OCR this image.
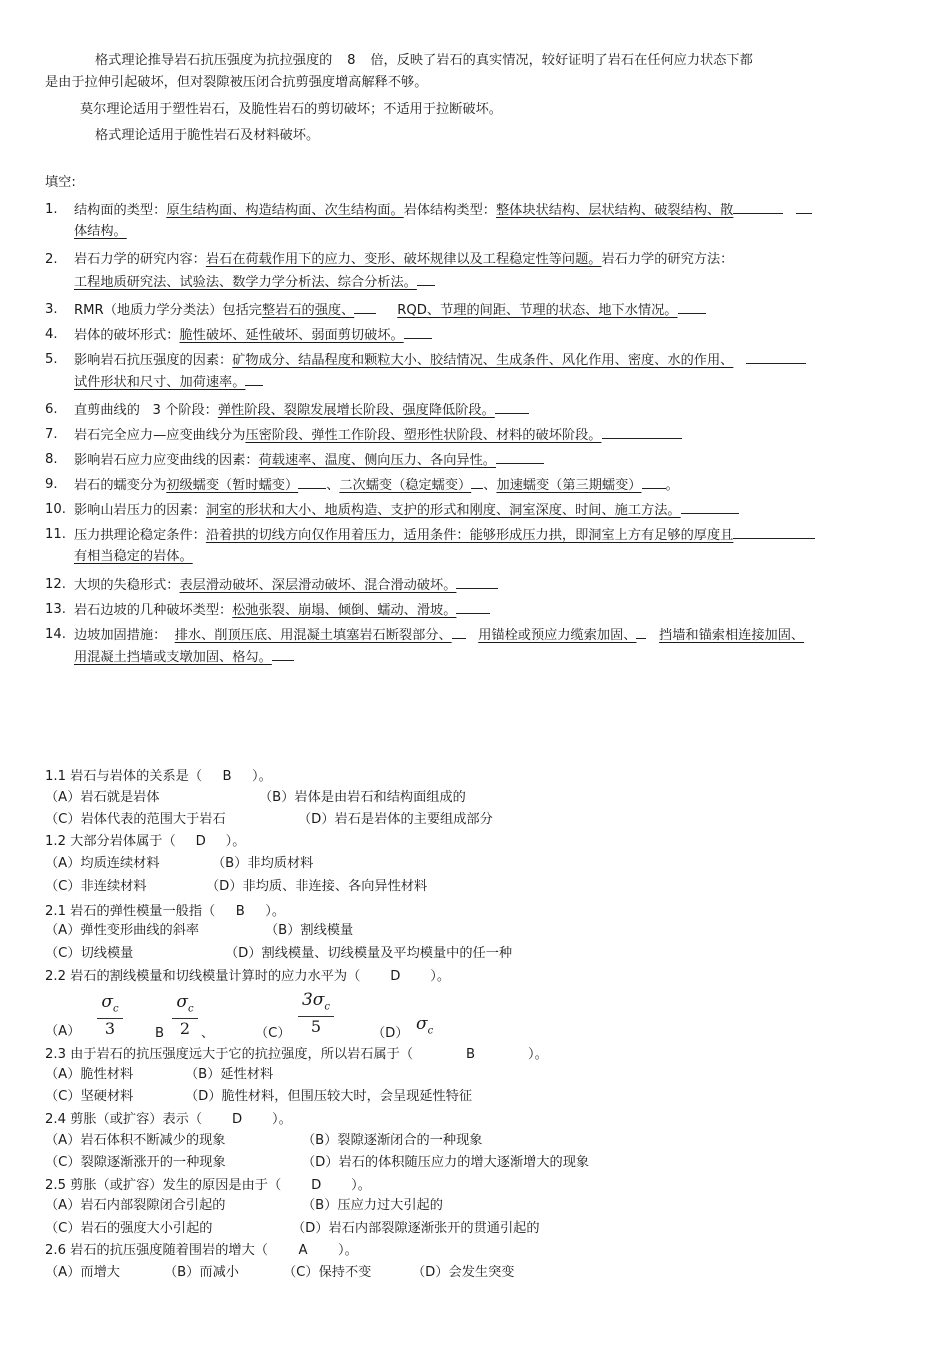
格式理论推导岩石抗压强度为抗拉强度的 8 倍，反映了岩石的真实情况，较好证明了岩石在任何应力状态下都
是由于拉伸引起破坏，但对裂隙被压闭合抗剪强度增高解释不够。
莫尔理论适用于塑性岩石，及脆性岩石的剪切破坏；不适用于拉断破坏。
格式理论适用于脆性岩石及材料破坏。
填空:
1. 结构面的类型：原生结构面、构造结构面、次生结构面。岩体结构类型：整体块状结构、层状结构、破裂结构、散
体结构。
2. 岩石力学的研究内容：岩石在荷载作用下的应力、变形、破坏规律以及工程稳定性等问题。岩石力学的研究方法：
工程地质研究法、试验法、数学力学分析法、综合分析法。
3. RMR（地质力学分类法）包括完整岩石的强度、	RQD、节理的间距、节理的状态、地下水情况。
4. 岩体的破坏形式：脆性破坏、延性破坏、弱面剪切破坏。
5. 影响岩石抗压强度的因素：矿物成分、结晶程度和颗粒大小、胶结情况、生成条件、风化作用、密度、水的作用、
试件形状和尺寸、加荷速率。
6. 直剪曲线的 3 个阶段：弹性阶段、裂隙发展增长阶段、强度降低阶段。
7. 岩石完全应力—应变曲线分为压密阶段、弹性工作阶段、塑形性状阶段、材料的破坏阶段。
8. 影响岩石应力应变曲线的因素：荷载速率、温度、侧向压力、各向异性。
9. 岩石的蠕变分为初级蠕变（暂时蠕变） 、二次蠕变（稳定蠕变） 、加速蠕变（第三期蠕变） 。
10. 影响山岩压力的因素：洞室的形状和大小、地质构造、支护的形式和刚度、洞室深度、时间、施工方法。
11. 压力拱理论稳定条件：沿着拱的切线方向仅作用着压力，适用条件：能够形成压力拱，即洞室上方有足够的厚度且
有相当稳定的岩体。
12. 大坝的失稳形式：表层滑动破坏、深层滑动破坏、混合滑动破坏。
13. 岩石边坡的几种破坏类型：松弛张裂、崩塌、倾倒、蠕动、滑坡。
14. 边坡加固措施： 排水、削顶压底、用混凝土填塞岩石断裂部分、 用锚栓或预应力缆索加固、 挡墙和锚索相连接加固、
用混凝土挡墙或支墩加固、格勾。
1.1 岩石与岩体的关系是（ B ）。
（A）岩石就是岩体	（B）岩体是由岩石和结构面组成的
（C）岩体代表的范围大于岩石	（D）岩石是岩体的主要组成部分
1.2 大部分岩体属于（ D ）。
（A）均质连续材料	（B）非均质材料
（C）非连续材料	（D）非均质、非连接、各向异性材料
2.1 岩石的弹性模量一般指（ B ）。
（A）弹性变形曲线的斜率	（B）割线模量
（C）切线模量	（D）割线模量、切线模量及平均模量中的任一种
2.2 岩石的割线模量和切线模量计算时的应力水平为（ D ）。
$(A) \frac{\sigma_c}{3}$ B $\frac{\sigma_c}{2}$ 、	$(C) \frac{3\sigma_c}{5}$	（D） $\sigma_c$
2.3 由于岩石的抗压强度远大于它的抗拉强度，所以岩石属于（	B	）。
（A）脆性材料	（B）延性材料
（C）坚硬材料	（D）脆性材料，但围压较大时，会呈现延性特征
2.4 剪胀（或扩容）表示（ D ）。
（A）岩石体积不断减少的现象	（B）裂隙逐渐闭合的一种现象
（C）裂隙逐渐涨开的一种现象	（D）岩石的体积随压应力的增大逐渐增大的现象
2.5 剪胀（或扩容）发生的原因是由于（ D ）。
（A）岩石内部裂隙闭合引起的	（B）压应力过大引起的
（C）岩石的强度大小引起的	（D）岩石内部裂隙逐渐张开的贯通引起的
2.6 岩石的抗压强度随着围岩的增大（ A ）。
（A）而增大	（B）而减小	（C）保持不变	（D）会发生突变
